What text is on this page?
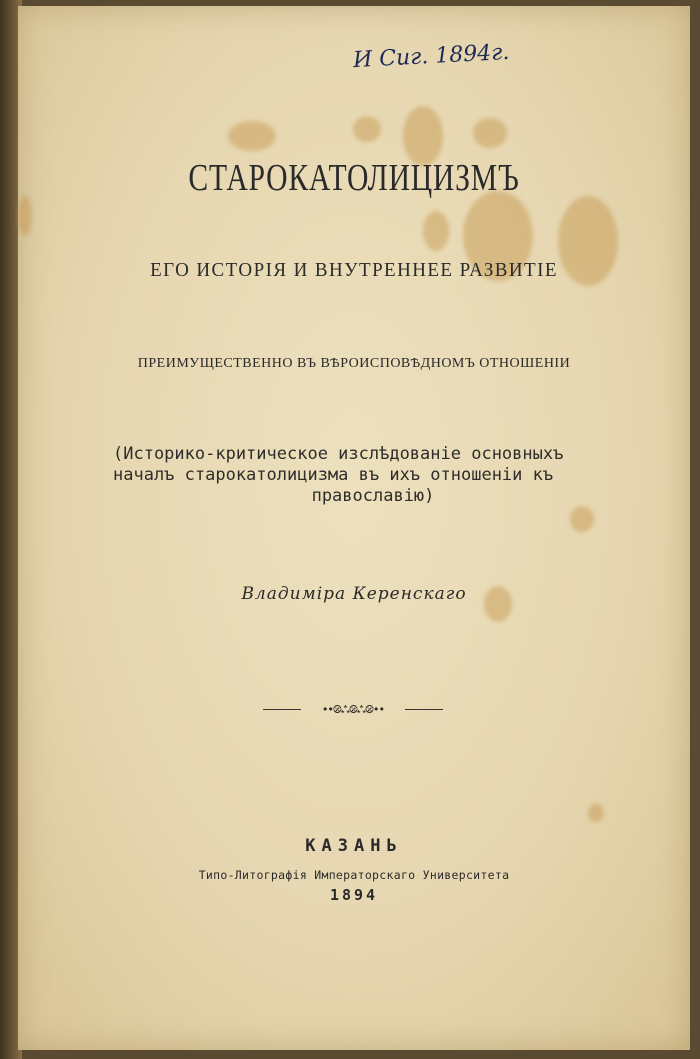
И Сиг. 1894г.
СТАРОКАТОЛИЦИЗМЪ
ЕГО ИСТОРІЯ И ВНУТРЕННЕЕ РАЗВИТІЕ
ПРЕИМУЩЕСТВЕННО ВЪ ВѢРОИСПОВѢДНОМЪ ОТНОШЕНІИ
(Историко-критическое изслѣдованіе основныхъ
началъ старокатолицизма въ ихъ отношеніи къ
православію)
Владиміра Керенскаго
••⦼⁂⦼⁂⦼••
КАЗАНЬ
Типо-Литографія Императорскаго Университета
1894
